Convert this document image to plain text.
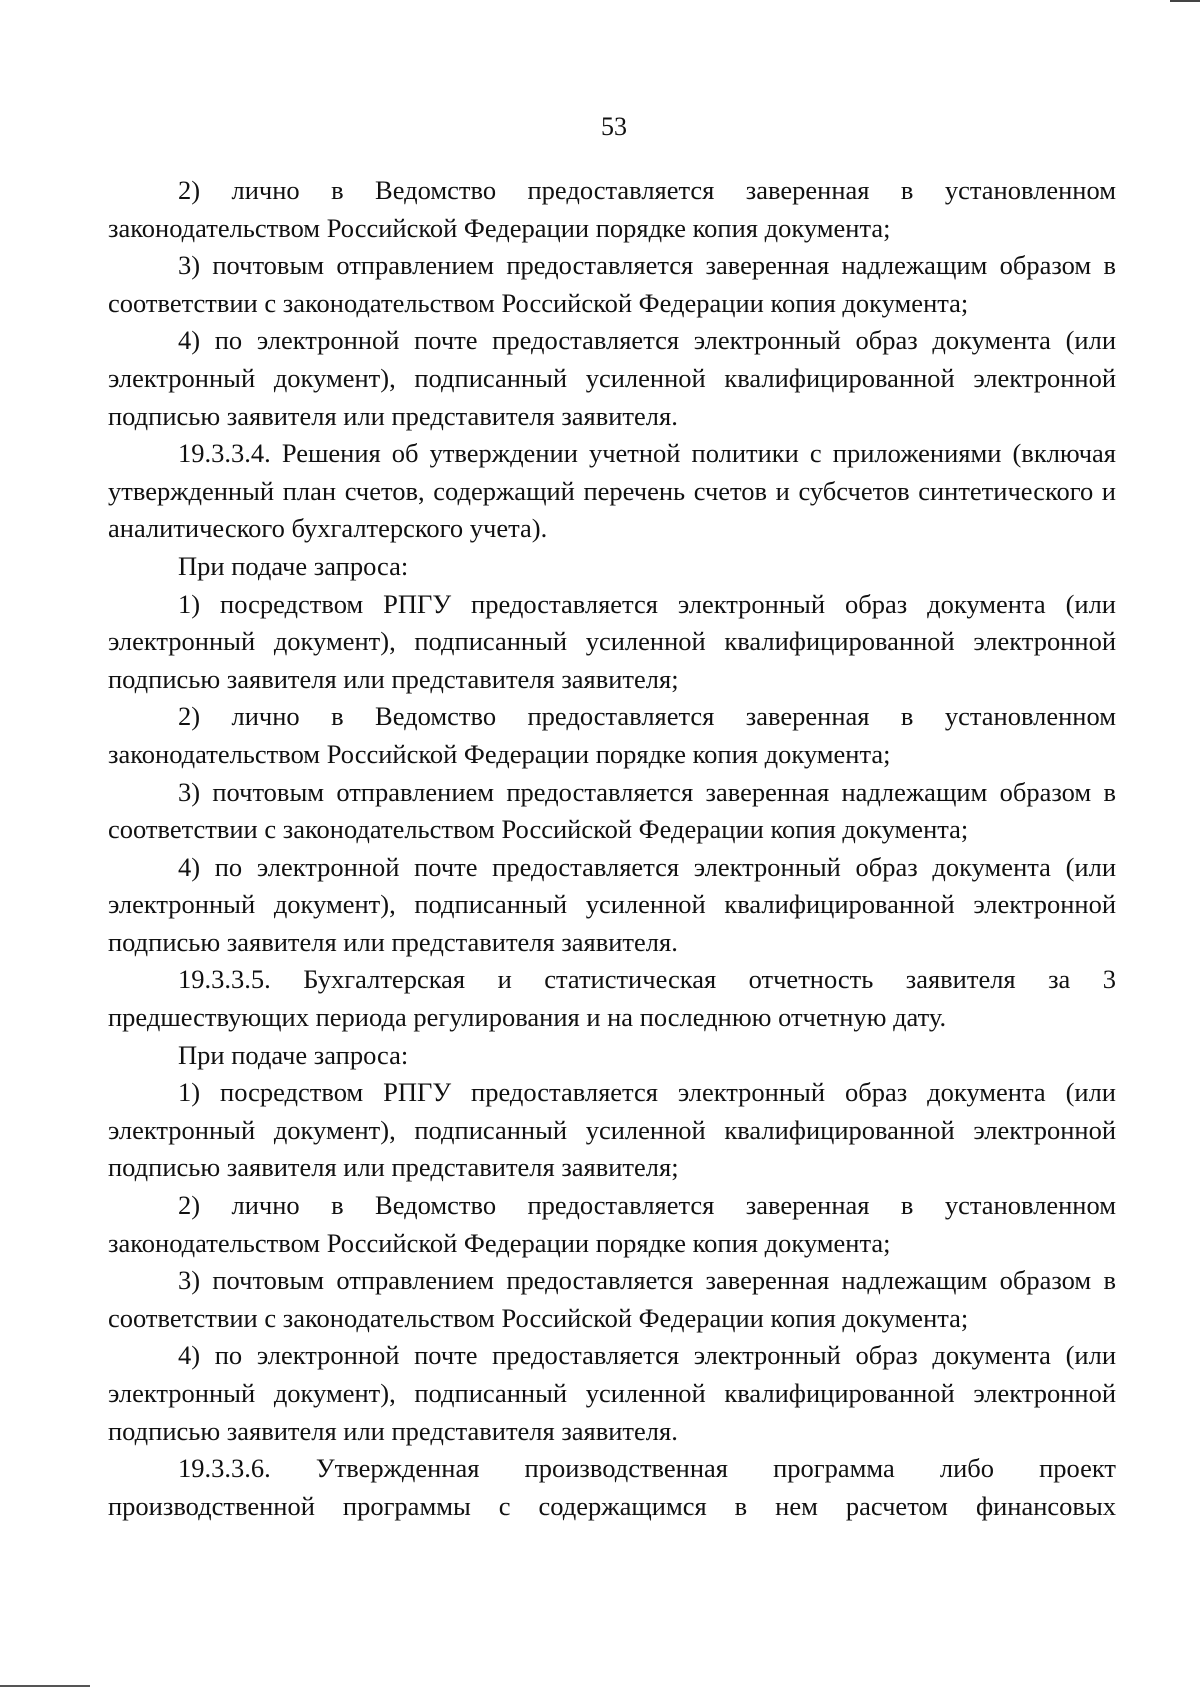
53

2) лично в Ведомство предоставляется заверенная в установленном законодательством Российской Федерации порядке копия документа;

3) почтовым отправлением предоставляется заверенная надлежащим образом в соответствии с законодательством Российской Федерации копия документа;

4) по электронной почте предоставляется электронный образ документа (или электронный документ), подписанный усиленной квалифицированной электронной подписью заявителя или представителя заявителя.

19.3.3.4. Решения об утверждении учетной политики с приложениями (включая утвержденный план счетов, содержащий перечень счетов и субсчетов синтетического и аналитического бухгалтерского учета).

При подаче запроса:

1) посредством РПГУ предоставляется электронный образ документа (или электронный документ), подписанный усиленной квалифицированной электронной подписью заявителя или представителя заявителя;

2) лично в Ведомство предоставляется заверенная в установленном законодательством Российской Федерации порядке копия документа;

3) почтовым отправлением предоставляется заверенная надлежащим образом в соответствии с законодательством Российской Федерации копия документа;

4) по электронной почте предоставляется электронный образ документа (или электронный документ), подписанный усиленной квалифицированной электронной подписью заявителя или представителя заявителя.

19.3.3.5. Бухгалтерская и статистическая отчетность заявителя за 3 предшествующих периода регулирования и на последнюю отчетную дату.

При подаче запроса:

1) посредством РПГУ предоставляется электронный образ документа (или электронный документ), подписанный усиленной квалифицированной электронной подписью заявителя или представителя заявителя;

2) лично в Ведомство предоставляется заверенная в установленном законодательством Российской Федерации порядке копия документа;

3) почтовым отправлением предоставляется заверенная надлежащим образом в соответствии с законодательством Российской Федерации копия документа;

4) по электронной почте предоставляется электронный образ документа (или электронный документ), подписанный усиленной квалифицированной электронной подписью заявителя или представителя заявителя.

19.3.3.6. Утвержденная производственная программа либо проект производственной программы с содержащимся в нем расчетом финансовых
